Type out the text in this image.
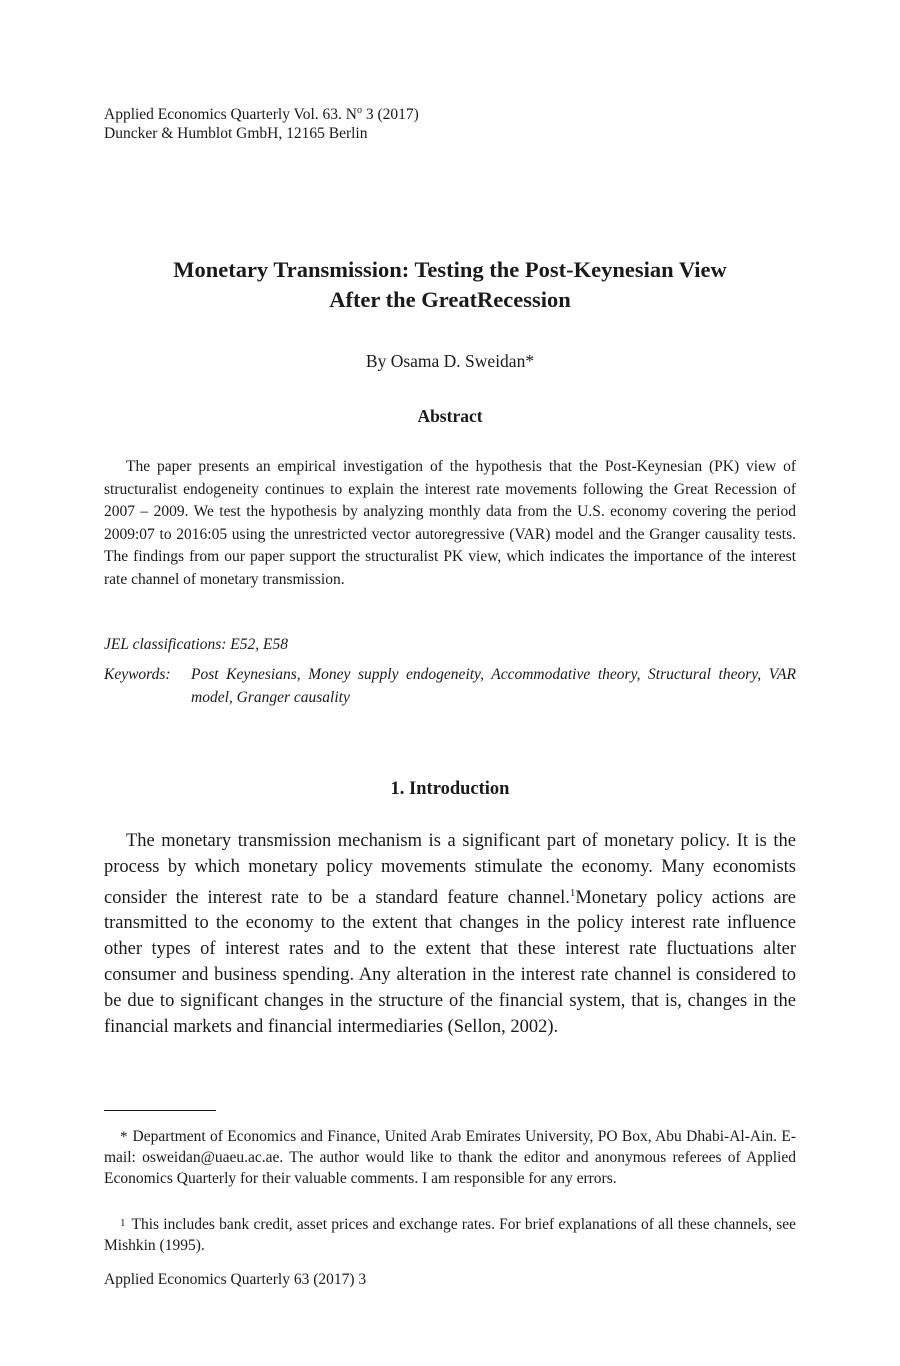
Applied Economics Quarterly Vol. 63. $N^o$ 3 (2017)
Duncker & Humblot GmbH, 12165 Berlin
Monetary Transmission: Testing the Post-Keynesian View
After the GreatRecession
By Osama D. Sweidan*
Abstract

The paper presents an empirical investigation of the hypothesis that the Post-Keynesian (PK) view of structuralist endogeneity continues to explain the interest rate movements following the Great Recession of 2007 – 2009. We test the hypothesis by analyzing monthly data from the U.S. economy covering the period 2009:07 to 2016:05 using the unrestricted vector autoregressive (VAR) model and the Granger causality tests. The findings from our paper support the structuralist PK view, which indicates the importance of the interest rate channel of monetary transmission.

JEL classifications: E52, E58
Keywords:	Post Keynesians, Money supply endogeneity, Accommodative theory, Structural theory, VAR model, Granger causality
1. Introduction

The monetary transmission mechanism is a significant part of monetary policy. It is the process by which monetary policy movements stimulate the economy. Many economists consider the interest rate to be a standard feature channel.$^1$Monetary policy actions are transmitted to the economy to the extent that changes in the policy interest rate influence other types of interest rates and to the extent that these interest rate fluctuations alter consumer and business spending. Any alteration in the interest rate channel is considered to be due to significant changes in the structure of the financial system, that is, changes in the financial markets and financial intermediaries (Sellon, 2002).

* Department of Economics and Finance, United Arab Emirates University, PO Box, Abu Dhabi-Al-Ain. E-mail: osweidan@uaeu.ac.ae. The author would like to thank the editor and anonymous referees of Applied Economics Quarterly for their valuable comments. I am responsible for any errors.

1 This includes bank credit, asset prices and exchange rates. For brief explanations of all these channels, see Mishkin (1995).

Applied Economics Quarterly 63 (2017) 3
